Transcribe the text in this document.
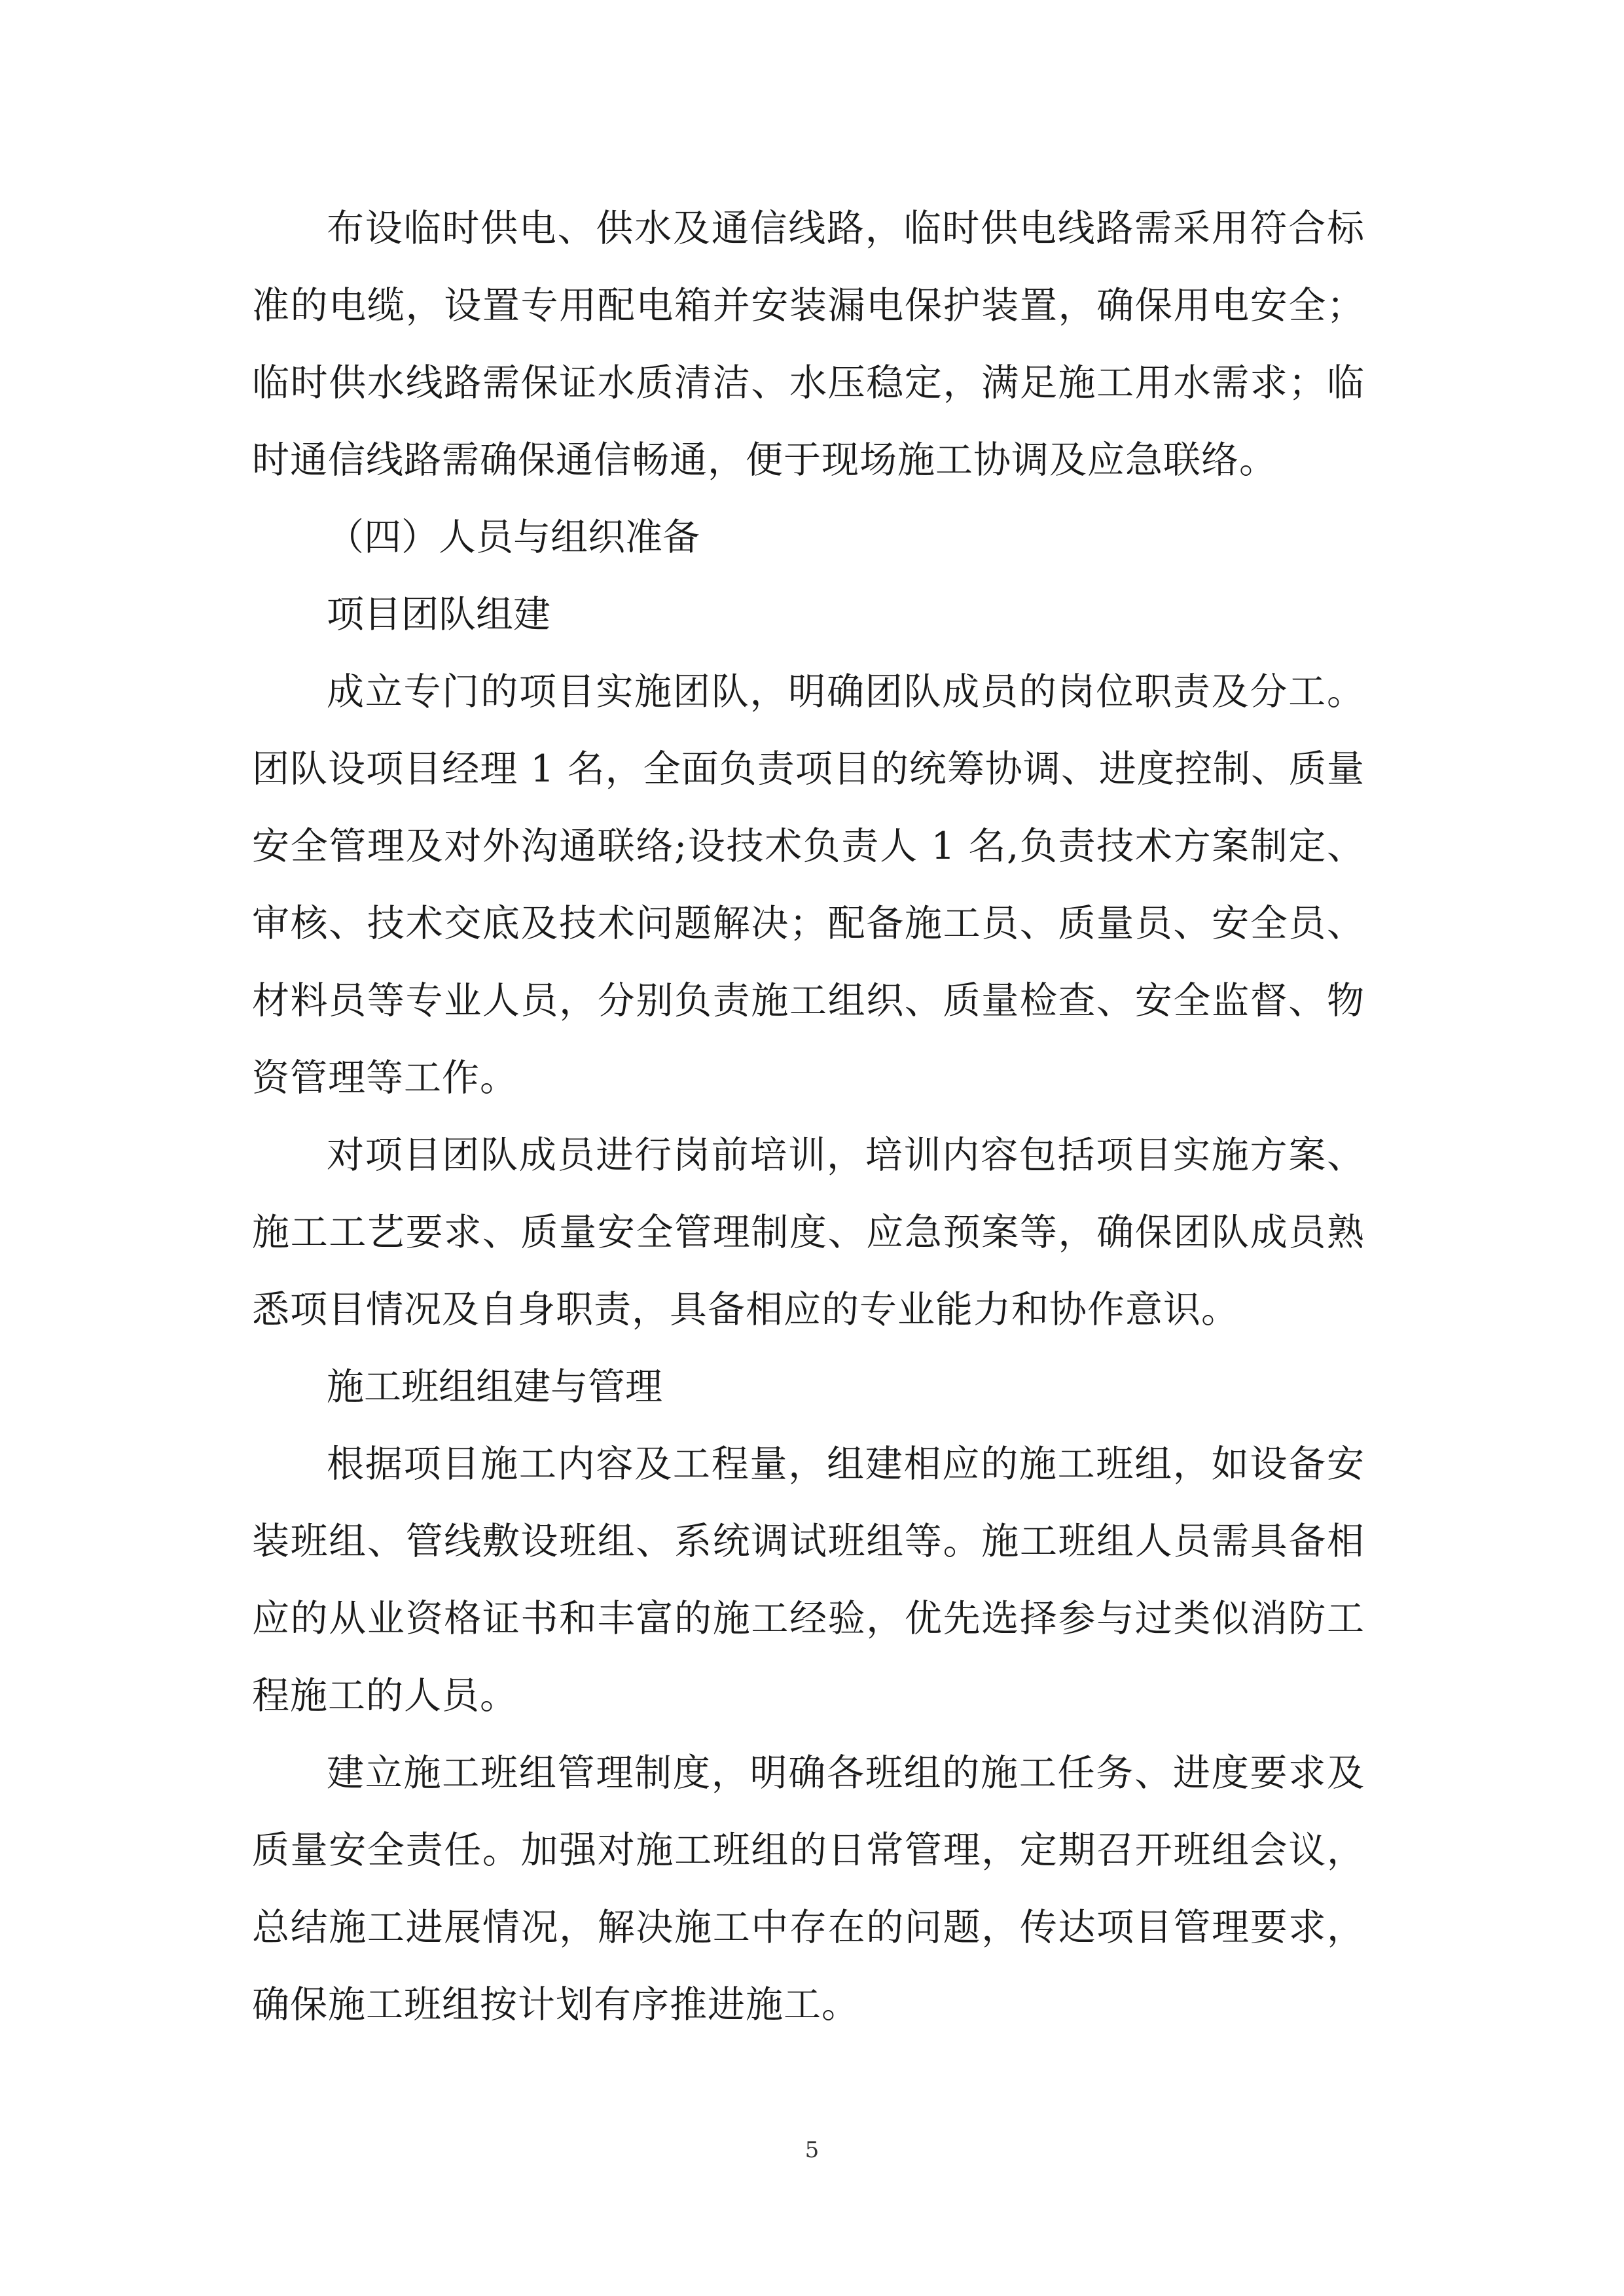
布设临时供电、供水及通信线路，临时供电线路需采用符合标准的电缆，设置专用配电箱并安装漏电保护装置，确保用电安全；临时供水线路需保证水质清洁、水压稳定，满足施工用水需求；临时通信线路需确保通信畅通，便于现场施工协调及应急联络。

（四）人员与组织准备

项目团队组建

成立专门的项目实施团队，明确团队成员的岗位职责及分工。团队设项目经理 1 名，全面负责项目的统筹协调、进度控制、质量安全管理及对外沟通联络;设技术负责人 1 名,负责技术方案制定、审核、技术交底及技术问题解决；配备施工员、质量员、安全员、材料员等专业人员，分别负责施工组织、质量检查、安全监督、物资管理等工作。

对项目团队成员进行岗前培训，培训内容包括项目实施方案、施工工艺要求、质量安全管理制度、应急预案等，确保团队成员熟悉项目情况及自身职责，具备相应的专业能力和协作意识。

施工班组组建与管理

根据项目施工内容及工程量，组建相应的施工班组，如设备安装班组、管线敷设班组、系统调试班组等。施工班组人员需具备相应的从业资格证书和丰富的施工经验，优先选择参与过类似消防工程施工的人员。

建立施工班组管理制度，明确各班组的施工任务、进度要求及质量安全责任。加强对施工班组的日常管理，定期召开班组会议，总结施工进展情况，解决施工中存在的问题，传达项目管理要求，确保施工班组按计划有序推进施工。

5
